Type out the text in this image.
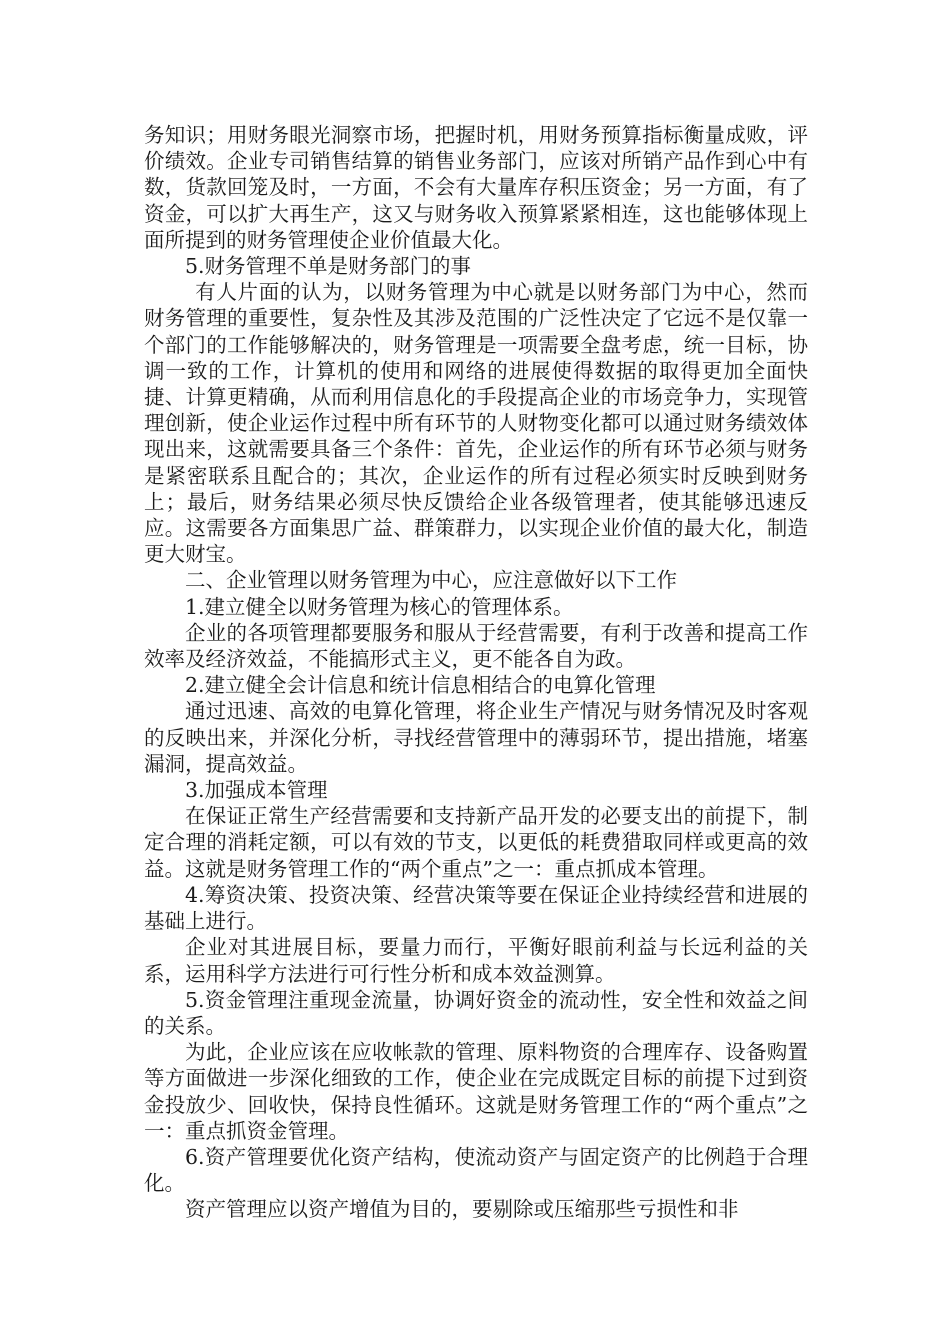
务知识；用财务眼光洞察市场，把握时机，用财务预算指标衡量成败，评价绩效。企业专司销售结算的销售业务部门，应该对所销产品作到心中有数，货款回笼及时，一方面，不会有大量库存积压资金；另一方面，有了资金，可以扩大再生产，这又与财务收入预算紧紧相连，这也能够体现上面所提到的财务管理使企业价值最大化。

5.财务管理不单是财务部门的事

有人片面的认为，以财务管理为中心就是以财务部门为中心，然而财务管理的重要性，复杂性及其涉及范围的广泛性决定了它远不是仅靠一个部门的工作能够解决的，财务管理是一项需要全盘考虑，统一目标，协调一致的工作，计算机的使用和网络的进展使得数据的取得更加全面快捷、计算更精确，从而利用信息化的手段提高企业的市场竞争力，实现管理创新，使企业运作过程中所有环节的人财物变化都可以通过财务绩效体现出来，这就需要具备三个条件：首先，企业运作的所有环节必须与财务是紧密联系且配合的；其次，企业运作的所有过程必须实时反映到财务上；最后，财务结果必须尽快反馈给企业各级管理者，使其能够迅速反应。这需要各方面集思广益、群策群力，以实现企业价值的最大化，制造更大财宝。

二、企业管理以财务管理为中心，应注意做好以下工作

1.建立健全以财务管理为核心的管理体系。

企业的各项管理都要服务和服从于经营需要，有利于改善和提高工作效率及经济效益，不能搞形式主义，更不能各自为政。

2.建立健全会计信息和统计信息相结合的电算化管理

通过迅速、高效的电算化管理，将企业生产情况与财务情况及时客观的反映出来，并深化分析，寻找经营管理中的薄弱环节，提出措施，堵塞漏洞，提高效益。

3.加强成本管理

在保证正常生产经营需要和支持新产品开发的必要支出的前提下，制定合理的消耗定额，可以有效的节支，以更低的耗费猎取同样或更高的效益。这就是财务管理工作的“两个重点”之一：重点抓成本管理。

4.筹资决策、投资决策、经营决策等要在保证企业持续经营和进展的基础上进行。

企业对其进展目标，要量力而行，平衡好眼前利益与长远利益的关系，运用科学方法进行可行性分析和成本效益测算。

5.资金管理注重现金流量，协调好资金的流动性，安全性和效益之间的关系。

为此，企业应该在应收帐款的管理、原料物资的合理库存、设备购置等方面做进一步深化细致的工作，使企业在完成既定目标的前提下过到资金投放少、回收快，保持良性循环。这就是财务管理工作的“两个重点”之一：重点抓资金管理。

6.资产管理要优化资产结构，使流动资产与固定资产的比例趋于合理化。

资产管理应以资产增值为目的，要剔除或压缩那些亏损性和非
